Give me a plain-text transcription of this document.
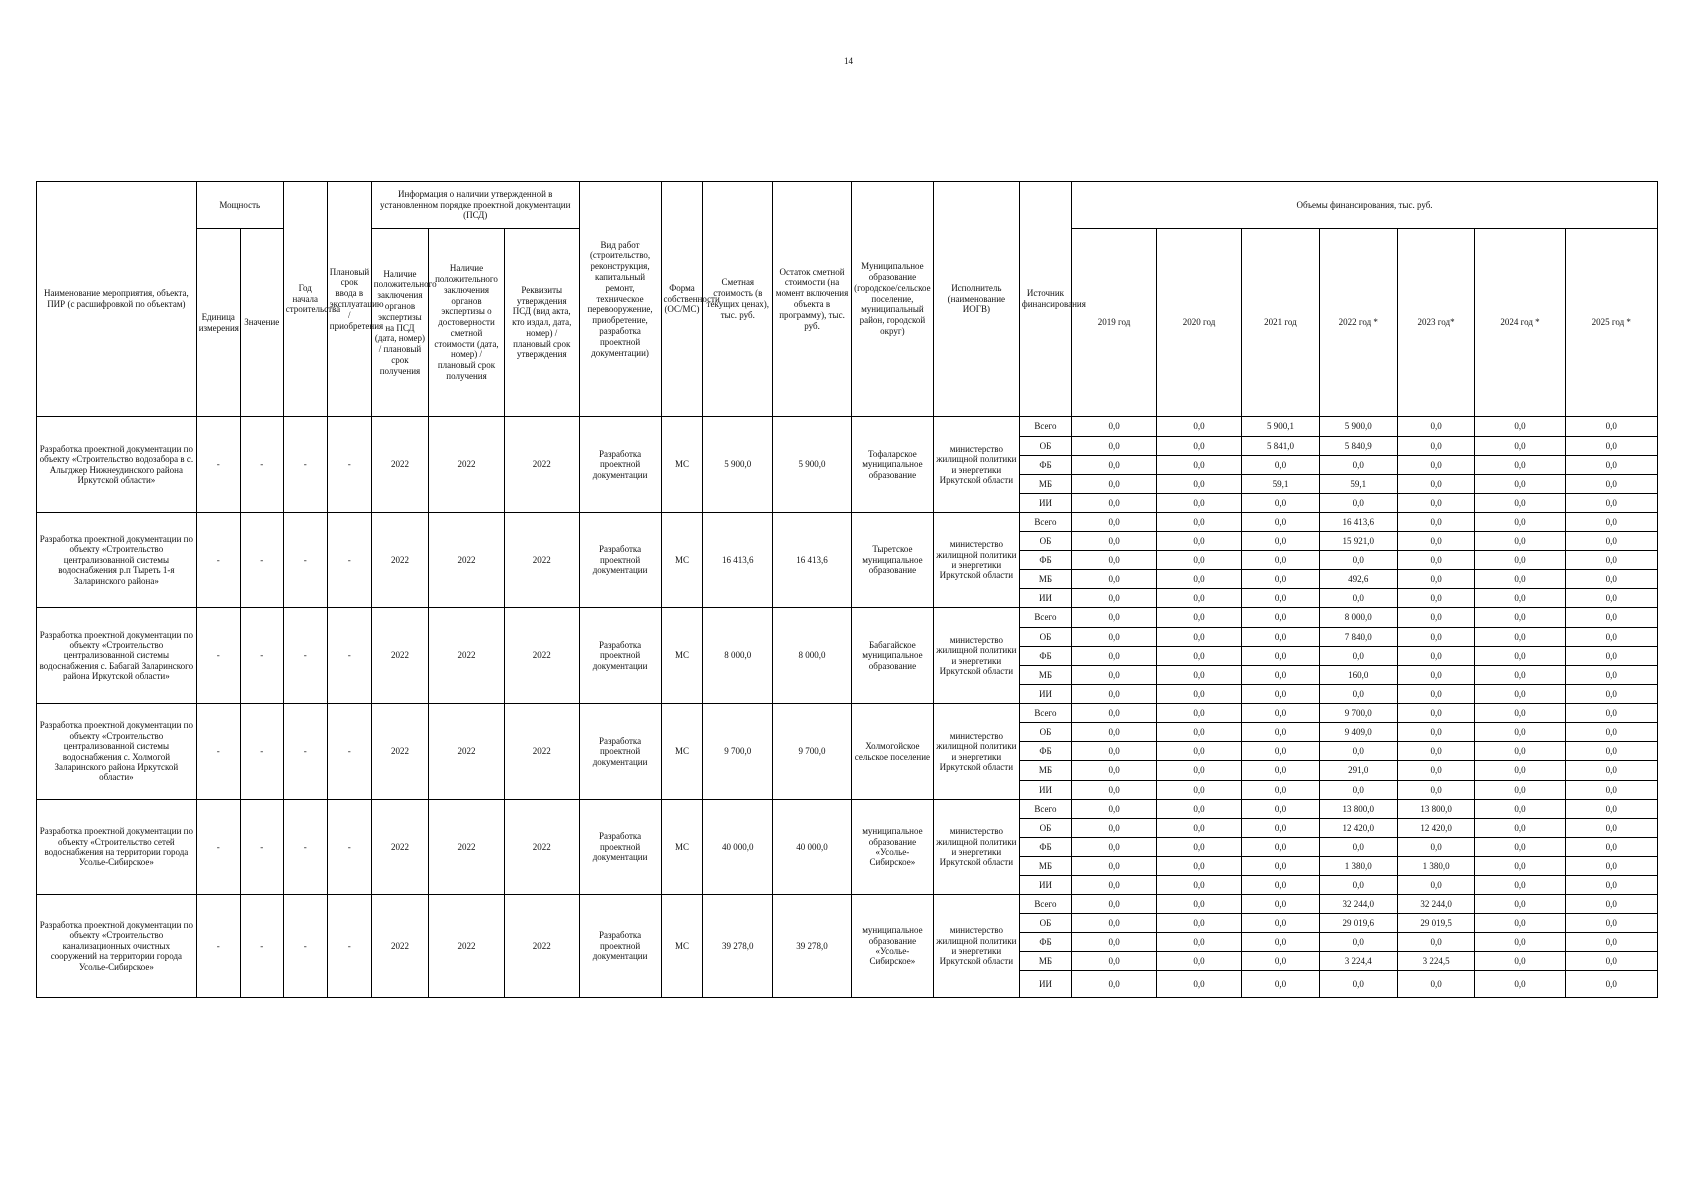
14
Наименование мероприятия, объекта, ПИР (с расшифровкой по объектам)	Мощность		Год начала строительства	Плановый срок ввода в эксплуатацию / приобретения	Информация о наличии утвержденной в установленном порядке проектной документации (ПСД)			Вид работ (строительство, реконструкция, капитальный ремонт, техническое перевооружение, приобретение, разработка проектной документации)	Форма собственности (ОС/МС)	Сметная стоимость (в текущих ценах), тыс. руб.	Остаток сметной стоимости (на момент включения объекта в программу), тыс. руб.	Муниципальное образование (городское/сельское поселение, муниципальный район, городской округ)	Исполнитель (наименование ИОГВ)	Источник финансирования	Объемы финансирования, тыс. руб.						
	Единица измерения	Значение			Наличие положительного заключения органов экспертизы на ПСД (дата, номер) / плановый срок получения	Наличие положительного заключения органов экспертизы о достоверности сметной стоимости (дата, номер) / плановый срок получения	Реквизиты утверждения ПСД (вид акта, кто издал, дата, номер) / плановый срок утверждения								2019 год	2020 год	2021 год	2022 год *	2023 год*	2024 год *	2025 год *
Разработка проектной документации по объекту «Строительство водозабора в с. Альгджер Нижнеудинского района Иркутской области»	-	-	-	-	2022	2022	2022	Разработка проектной документации	МС	5 900,0	5 900,0	Тофаларское муниципальное образование	министерство жилищной политики и энергетики Иркутской области	Всего	0,0	0,0	5 900,1	5 900,0	0,0	0,0	0,0
														ОБ	0,0	0,0	5 841,0	5 840,9	0,0	0,0	0,0
														ФБ	0,0	0,0	0,0	0,0	0,0	0,0	0,0
														МБ	0,0	0,0	59,1	59,1	0,0	0,0	0,0
														ИИ	0,0	0,0	0,0	0,0	0,0	0,0	0,0
Разработка проектной документации по объекту «Строительство централизованной системы водоснабжения р.п Тыреть 1-я Заларинского района»	-	-	-	-	2022	2022	2022	Разработка проектной документации	МС	16 413,6	16 413,6	Тыретское муниципальное образование	министерство жилищной политики и энергетики Иркутской области	Всего	0,0	0,0	0,0	16 413,6	0,0	0,0	0,0
														ОБ	0,0	0,0	0,0	15 921,0	0,0	0,0	0,0
														ФБ	0,0	0,0	0,0	0,0	0,0	0,0	0,0
														МБ	0,0	0,0	0,0	492,6	0,0	0,0	0,0
														ИИ	0,0	0,0	0,0	0,0	0,0	0,0	0,0
Разработка проектной документации по объекту «Строительство централизованной системы водоснабжения с. Бабагай Заларинского района Иркутской области»	-	-	-	-	2022	2022	2022	Разработка проектной документации	МС	8 000,0	8 000,0	Бабагайское муниципальное образование	министерство жилищной политики и энергетики Иркутской области	Всего	0,0	0,0	0,0	8 000,0	0,0	0,0	0,0
														ОБ	0,0	0,0	0,0	7 840,0	0,0	0,0	0,0
														ФБ	0,0	0,0	0,0	0,0	0,0	0,0	0,0
														МБ	0,0	0,0	0,0	160,0	0,0	0,0	0,0
														ИИ	0,0	0,0	0,0	0,0	0,0	0,0	0,0
Разработка проектной документации по объекту «Строительство централизованной системы водоснабжения с. Холмогой Заларинского района Иркутской области»	-	-	-	-	2022	2022	2022	Разработка проектной документации	МС	9 700,0	9 700,0	Холмогойское сельское поселение	министерство жилищной политики и энергетики Иркутской области	Всего	0,0	0,0	0,0	9 700,0	0,0	0,0	0,0
														ОБ	0,0	0,0	0,0	9 409,0	0,0	0,0	0,0
														ФБ	0,0	0,0	0,0	0,0	0,0	0,0	0,0
														МБ	0,0	0,0	0,0	291,0	0,0	0,0	0,0
														ИИ	0,0	0,0	0,0	0,0	0,0	0,0	0,0
Разработка проектной документации по объекту «Строительство сетей водоснабжения на территории города Усолье-Сибирское»	-	-	-	-	2022	2022	2022	Разработка проектной документации	МС	40 000,0	40 000,0	муниципальное образование «Усолье-Сибирское»	министерство жилищной политики и энергетики Иркутской области	Всего	0,0	0,0	0,0	13 800,0	13 800,0	0,0	0,0
														ОБ	0,0	0,0	0,0	12 420,0	12 420,0	0,0	0,0
														ФБ	0,0	0,0	0,0	0,0	0,0	0,0	0,0
														МБ	0,0	0,0	0,0	1 380,0	1 380,0	0,0	0,0
														ИИ	0,0	0,0	0,0	0,0	0,0	0,0	0,0
Разработка проектной документации по объекту «Строительство канализационных очистных сооружений на территории города Усолье-Сибирское»	-	-	-	-	2022	2022	2022	Разработка проектной документации	МС	39 278,0	39 278,0	муниципальное образование «Усолье-Сибирское»	министерство жилищной политики и энергетики Иркутской области	Всего	0,0	0,0	0,0	32 244,0	32 244,0	0,0	0,0
														ОБ	0,0	0,0	0,0	29 019,6	29 019,5	0,0	0,0
														ФБ	0,0	0,0	0,0	0,0	0,0	0,0	0,0
														МБ	0,0	0,0	0,0	3 224,4	3 224,5	0,0	0,0
														ИИ	0,0	0,0	0,0	0,0	0,0	0,0	0,0
